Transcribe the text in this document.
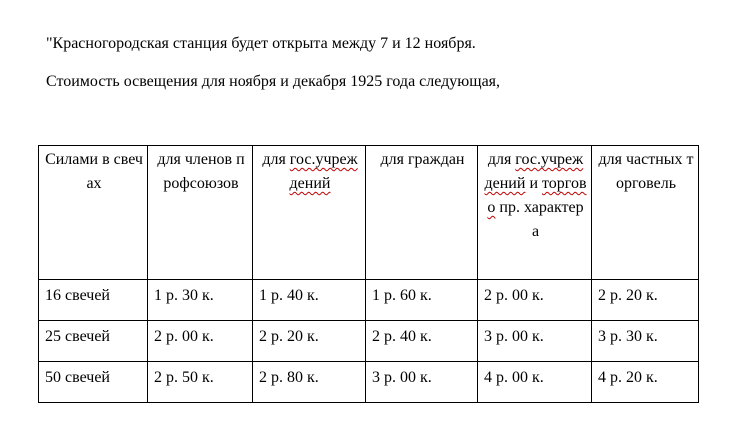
"Красногородская станция будет открыта между 7 и 12 ноября.

Стоимость освещения для ноября и декабря 1925 года следующая,

Силами в свечах	для членов профсоюзов	для гос.учреждений	для граждан	для гос.учреждений и торгово пр. характера	для частных торговель
16 свечей	1 р. 30 к.	1 р. 40 к.	1 р. 60 к.	2 р. 00 к.	2 р. 20 к.
25 свечей	2 р. 00 к.	2 р. 20 к.	2 р. 40 к.	3 р. 00 к.	3 р. 30 к.
50 свечей	2 р. 50 к.	2 р. 80 к.	3 р. 00 к.	4 р. 00 к.	4 р. 20 к.
